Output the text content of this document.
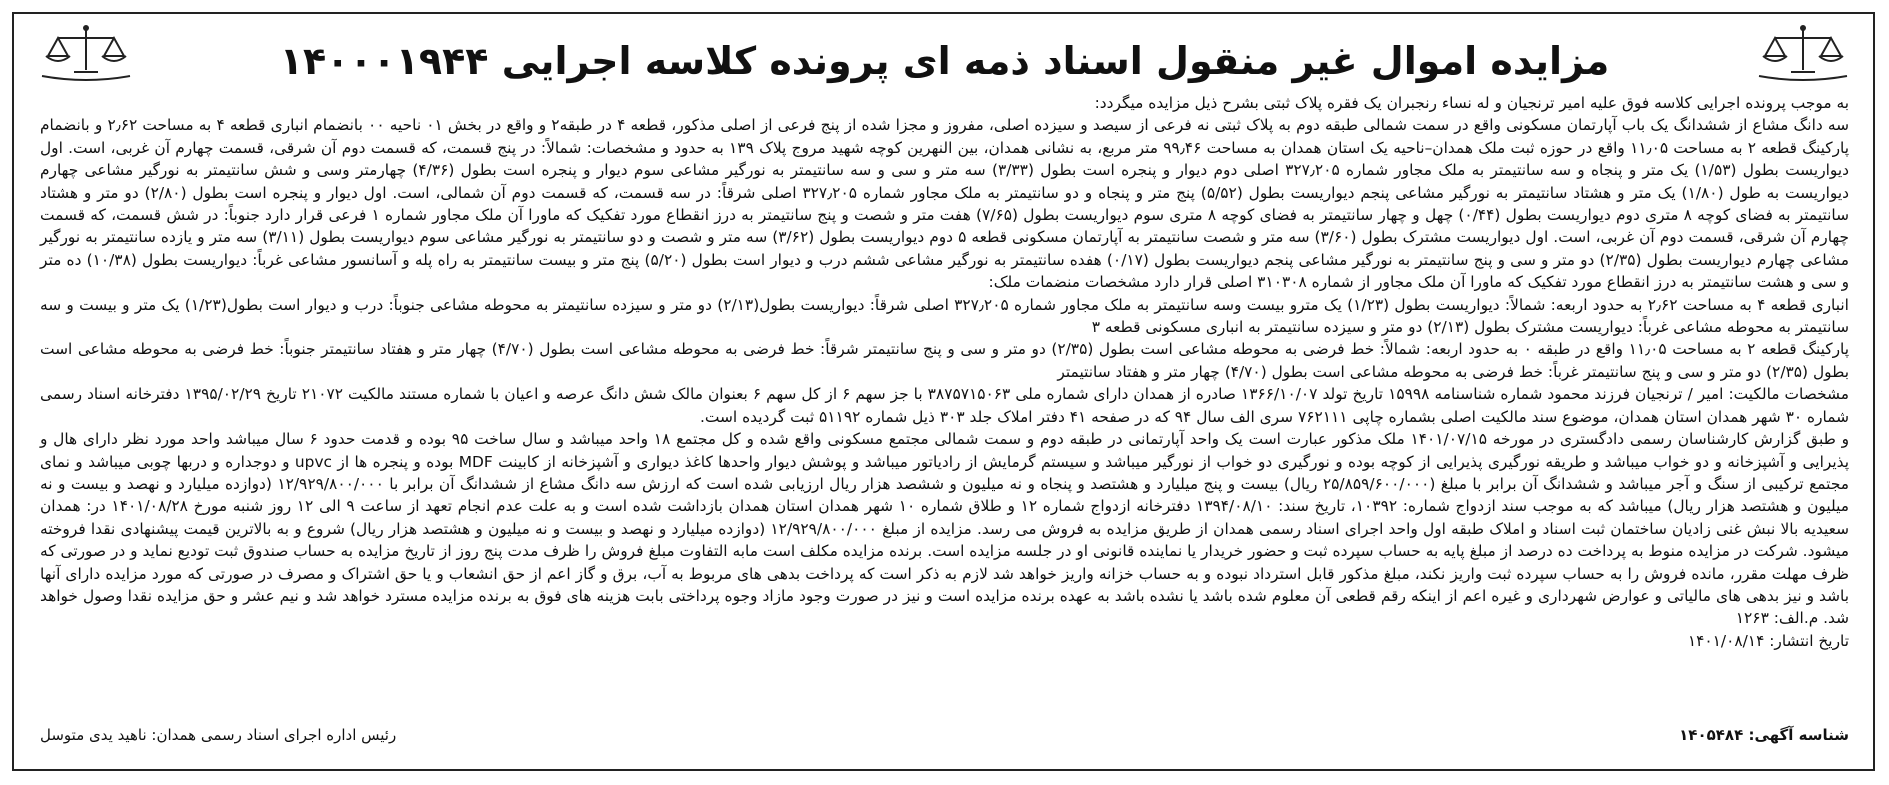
مزایده اموال غیر منقول اسناد ذمه ای پرونده کلاسه اجرایی ۱۴۰۰۰۱۹۴۴

به موجب پرونده اجرایی کلاسه فوق علیه امیر ترنجیان و له نساء رنجبران یک فقره پلاک ثبتی بشرح ذیل مزایده میگردد:

سه دانگ مشاع از ششدانگ یک باب آپارتمان مسکونی واقع در سمت شمالی طبقه دوم به پلاک ثبتی نه فرعی از سیصد و سیزده اصلی، مفروز و مجزا شده از پنج فرعی از اصلی مذکور، قطعه ۴ در طبقه۲ و واقع در بخش ۰۱ ناحیه ۰۰ بانضمام انباری قطعه ۴ به مساحت ۲٫۶۲ و بانضمام پارکینگ قطعه ۲ به مساحت ۱۱٫۰۵ واقع در حوزه ثبت ملک همدان–ناحیه یک استان همدان به مساحت ۹۹٫۴۶ متر مربع، به نشانی همدان، بین النهرین کوچه شهید مروج پلاک ۱۳۹ به حدود و مشخصات: شمالاً: در پنج قسمت، که قسمت دوم آن شرقی، قسمت چهارم آن غربی، است. اول دیواریست بطول (۱/۵۳) یک متر و پنجاه و سه سانتیمتر به ملک مجاور شماره ۳۲۷٫۲۰۵ اصلی دوم دیوار و پنجره است بطول (۳/۳۳) سه متر و سی و سه سانتیمتر به نورگیر مشاعی سوم دیوار و پنجره است بطول (۴/۳۶) چهارمتر وسی و شش سانتیمتر به نورگیر مشاعی چهارم دیواریست به طول (۱/۸۰) یک متر و هشتاد سانتیمتر به نورگیر مشاعی پنجم دیواریست بطول (۵/۵۲) پنج متر و پنجاه و دو سانتیمتر به ملک مجاور شماره ۳۲۷٫۲۰۵ اصلی شرقاً: در سه قسمت، که قسمت دوم آن شمالی، است. اول دیوار و پنجره است بطول (۲/۸۰) دو متر و هشتاد سانتیمتر به فضای کوچه ۸ متری دوم دیواریست بطول (۰/۴۴) چهل و چهار سانتیمتر به فضای کوچه ۸ متری سوم دیواریست بطول (۷/۶۵) هفت متر و شصت و پنج سانتیمتر به درز انقطاع مورد تفکیک که ماورا آن ملک مجاور شماره ۱ فرعی قرار دارد جنوباً: در شش قسمت، که قسمت چهارم آن شرقی، قسمت دوم آن غربی، است. اول دیواریست مشترک بطول (۳/۶۰) سه متر و شصت سانتیمتر به آپارتمان مسکونی قطعه ۵ دوم دیواریست بطول (۳/۶۲) سه متر و شصت و دو سانتیمتر به نورگیر مشاعی سوم دیواریست بطول (۳/۱۱) سه متر و یازده سانتیمتر به نورگیر مشاعی چهارم دیواریست بطول (۲/۳۵) دو متر و سی و پنج سانتیمتر به نورگیر مشاعی پنجم دیواریست بطول (۰/۱۷) هفده سانتیمتر به نورگیر مشاعی ششم درب و دیوار است بطول (۵/۲۰) پنج متر و بیست سانتیمتر به راه پله و آسانسور مشاعی غرباً: دیواریست بطول (۱۰/۳۸) ده متر و سی و هشت سانتیمتر به درز انقطاع مورد تفکیک که ماورا آن ملک مجاور از شماره ۳۱۰۳۰۸ اصلی قرار دارد مشخصات منضمات ملک:

انباری قطعه ۴ به مساحت ۲٫۶۲ به حدود اربعه: شمالاً: دیواریست بطول (۱/۲۳) یک مترو بیست وسه سانتیمتر به ملک مجاور شماره ۳۲۷٫۲۰۵ اصلی شرقاً: دیواریست بطول(۲/۱۳) دو متر و سیزده سانتیمتر به محوطه مشاعی جنوباً: درب و دیوار است بطول(۱/۲۳) یک متر و بیست و سه سانتیمتر به محوطه مشاعی غرباً: دیواریست مشترک بطول (۲/۱۳) دو متر و سیزده سانتیمتر به انباری مسکونی قطعه ۳

پارکینگ قطعه ۲ به مساحت ۱۱٫۰۵ واقع در طبقه ۰ به حدود اربعه: شمالاً: خط فرضی به محوطه مشاعی است بطول (۲/۳۵) دو متر و سی و پنج سانتیمتر شرقاً: خط فرضی به محوطه مشاعی است بطول (۴/۷۰) چهار متر و هفتاد سانتیمتر جنوباً: خط فرضی به محوطه مشاعی است بطول (۲/۳۵) دو متر و سی و پنج سانتیمتر غرباً: خط فرضی به محوطه مشاعی است بطول (۴/۷۰) چهار متر و هفتاد سانتیمتر

مشخصات مالکیت: امیر / ترنجیان فرزند محمود شماره شناسنامه ۱۵۹۹۸ تاریخ تولد ۱۳۶۶/۱۰/۰۷ صادره از همدان دارای شماره ملی ۳۸۷۵۷۱۵۰۶۳ با جز سهم ۶ از کل سهم ۶ بعنوان مالک شش دانگ عرصه و اعیان با شماره مستند مالکیت ۲۱۰۷۲ تاریخ ۱۳۹۵/۰۲/۲۹ دفترخانه اسناد رسمی شماره ۳۰ شهر همدان استان همدان، موضوع سند مالکیت اصلی بشماره چاپی ۷۶۲۱۱۱ سری الف سال ۹۴ که در صفحه ۴۱ دفتر املاک جلد ۳۰۳ ذیل شماره ۵۱۱۹۲ ثبت گردیده است.

و طبق گزارش کارشناسان رسمی دادگستری در مورخه ۱۴۰۱/۰۷/۱۵ ملک مذکور عبارت است یک واحد آپارتمانی در طبقه دوم و سمت شمالی مجتمع مسکونی واقع شده و کل مجتمع ۱۸ واحد میباشد و سال ساخت ۹۵ بوده و قدمت حدود ۶ سال میباشد واحد مورد نظر دارای هال و پذیرایی و آشپزخانه و دو خواب میباشد و طریقه نورگیری پذیرایی از کوچه بوده و نورگیری دو خواب از نورگیر میباشد و سیستم گرمایش از رادیاتور میباشد و پوشش دیوار واحدها کاغذ دیواری و آشپزخانه از کابینت MDF بوده و پنجره ها از upvc و دوجداره و دربها چوبی میباشد و نمای مجتمع ترکیبی از سنگ و آجر میباشد و ششدانگ آن برابر با مبلغ (۲۵/۸۵۹/۶۰۰/۰۰۰ ریال) بیست و پنج میلیارد و هشتصد و پنجاه و نه میلیون و ششصد هزار ریال ارزیابی شده است که ارزش سه دانگ مشاع از ششدانگ آن برابر با ۱۲/۹۲۹/۸۰۰/۰۰۰ (دوازده میلیارد و نهصد و بیست و نه میلیون و هشتصد هزار ریال) میباشد که به موجب سند ازدواج شماره: ۱۰۳۹۲، تاریخ سند: ۱۳۹۴/۰۸/۱۰ دفترخانه ازدواج شماره ۱۲ و طلاق شماره ۱۰ شهر همدان استان همدان بازداشت شده است و به علت عدم انجام تعهد از ساعت ۹ الی ۱۲ روز شنبه مورخ ۱۴۰۱/۰۸/۲۸ در: همدان سعیدیه بالا نبش غنی زادیان ساختمان ثبت اسناد و املاک طبقه اول واحد اجرای اسناد رسمی همدان از طریق مزایده به فروش می رسد. مزایده از مبلغ ۱۲/۹۲۹/۸۰۰/۰۰۰ (دوازده میلیارد و نهصد و بیست و نه میلیون و هشتصد هزار ریال) شروع و به بالاترین قیمت پیشنهادی نقدا فروخته میشود. شرکت در مزایده منوط به پرداخت ده درصد از مبلغ پایه به حساب سپرده ثبت و حضور خریدار یا نماینده قانونی او در جلسه مزایده است. برنده مزایده مکلف است مابه التفاوت مبلغ فروش را ظرف مدت پنج روز از تاریخ مزایده به حساب صندوق ثبت تودیع نماید و در صورتی که ظرف مهلت مقرر، مانده فروش را به حساب سپرده ثبت واریز نکند، مبلغ مذکور قابل استرداد نبوده و به حساب خزانه واریز خواهد شد لازم به ذکر است که پرداخت بدهی های مربوط به آب، برق و گاز اعم از حق انشعاب و یا حق اشتراک و مصرف در صورتی که مورد مزایده دارای آنها باشد و نیز بدهی های مالیاتی و عوارض شهرداری و غیره اعم از اینکه رقم قطعی آن معلوم شده باشد یا نشده باشد به عهده برنده مزایده است و نیز در صورت وجود مازاد وجوه پرداختی بابت هزینه های فوق به برنده مزایده مسترد خواهد شد و نیم عشر و حق مزایده نقدا وصول خواهد شد. م.الف: ۱۲۶۳

تاریخ انتشار: ۱۴۰۱/۰۸/۱۴

شناسه آگهی: ۱۴۰۵۴۸۴
رئیس اداره اجرای اسناد رسمی همدان: ناهید یدی متوسل
